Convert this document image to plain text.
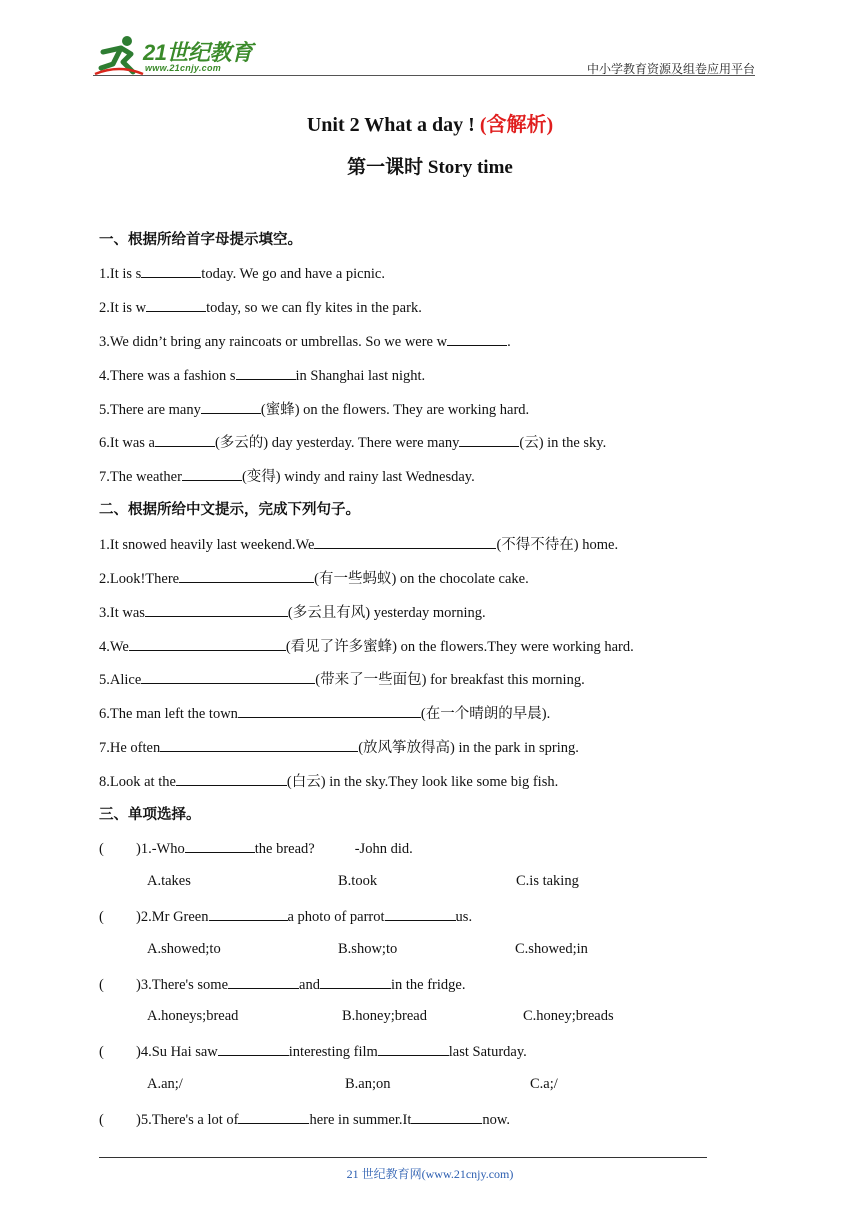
21世纪教育
www.21cnjy.com	中小学教育资源及组卷应用平台
Unit 2 What a day ! (含解析)
第一课时 Story time
一、根据所给首字母提示填空。
1.It is s	today. We go and have a picnic.
2.It is w	today, so we can fly kites in the park.
3.We didn’t bring any raincoats or umbrellas. So we were w	.
4.There was a fashion s	in Shanghai last night.
5.There are many	(蜜蜂) on the flowers. They are working hard.
6.It was a	(多云的) day yesterday. There were many	(云) in the sky.
7.The weather	(变得) windy and rainy last Wednesday.
二、根据所给中文提示，完成下列句子。
1.It snowed heavily last weekend.We	(不得不待在) home.
2.Look!There	(有一些蚂蚁) on the chocolate cake.
3.It was	(多云且有风) yesterday morning.
4.We	(看见了许多蜜蜂) on the flowers.They were working hard.
5.Alice	(带来了一些面包) for breakfast this morning.
6.The man left the town	(在一个晴朗的早晨).
7.He often	(放风筝放得高) in the park in spring.
8.Look at the	(白云) in the sky.They look like some big fish.
三、单项选择。
( )1.-Who	the bread?	-John did.
A.takes	B.took	C.is taking
( )2.Mr Green	a photo of parrot	us.
A.showed;to	B.show;to	C.showed;in
( )3.There's some	and	in the fridge.
A.honeys;bread	B.honey;bread	C.honey;breads
( )4.Su Hai saw	interesting film	last Saturday.
A.an;/	B.an;on	C.a;/
( )5.There's a lot of	here in summer.It	now.
21 世纪教育网(www.21cnjy.com)
